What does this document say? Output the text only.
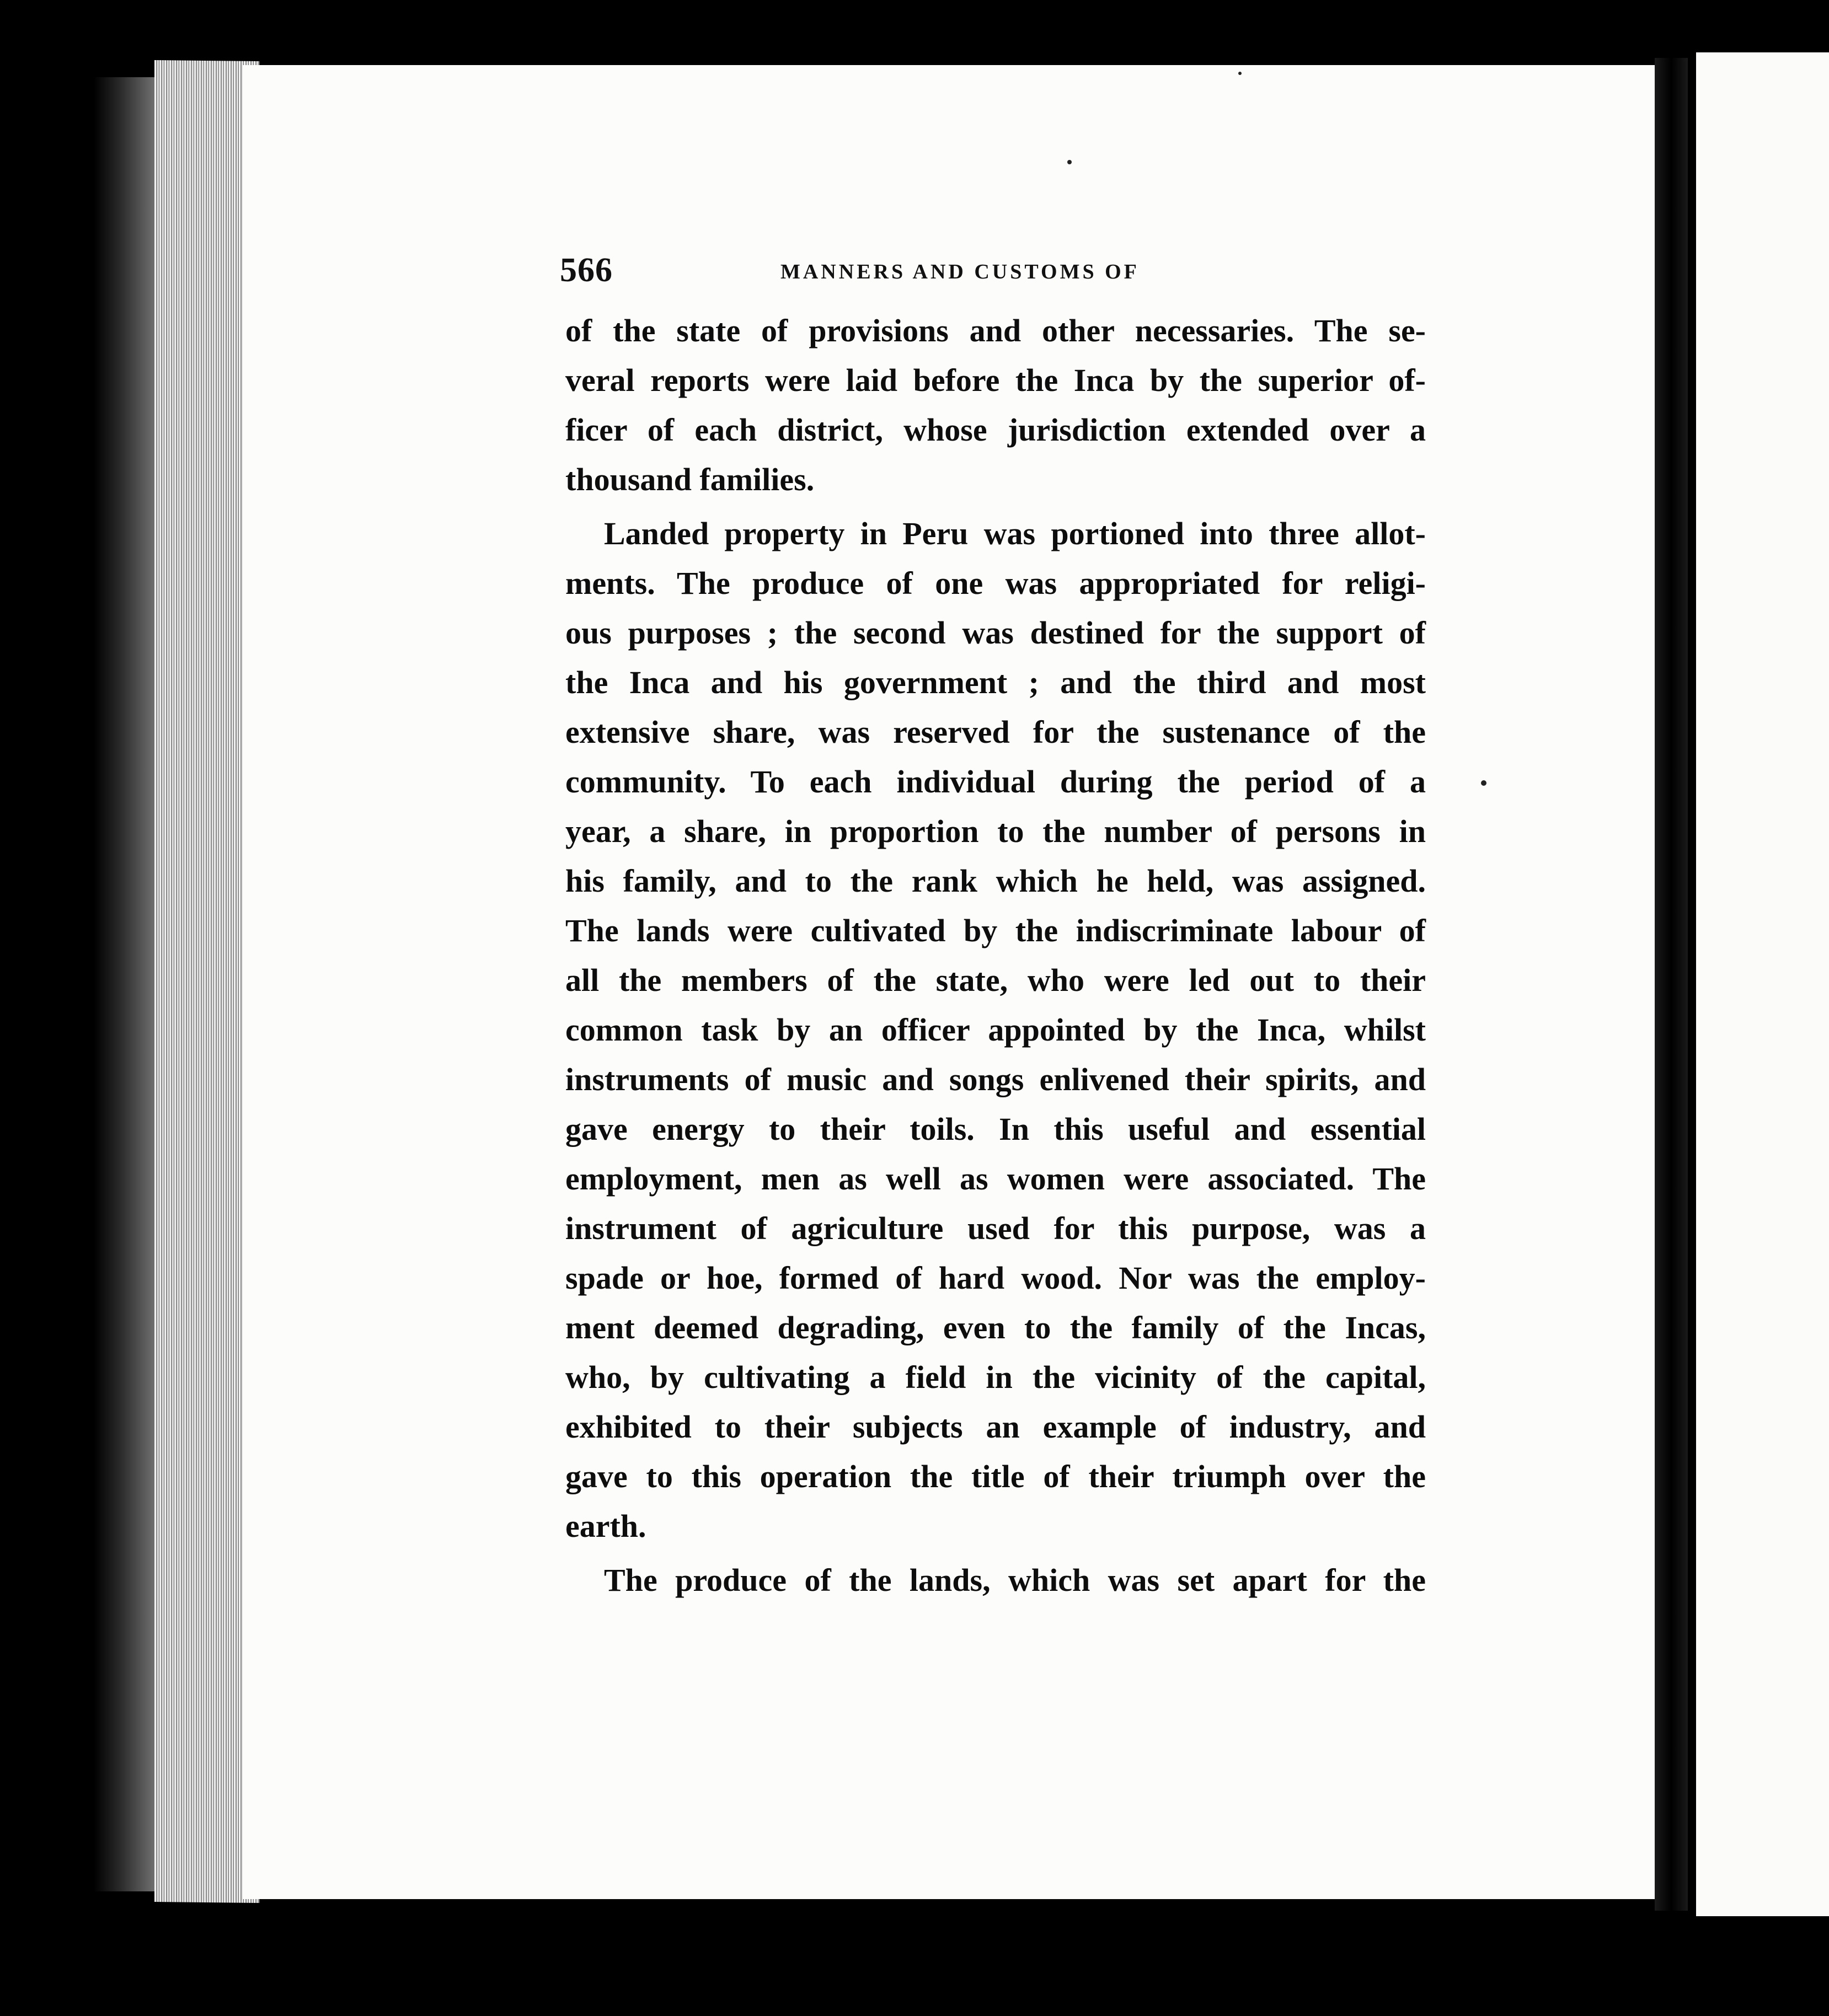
566	MANNERS AND CUSTOMS OF
of the state of provisions and other necessaries. The se-
veral reports were laid before the Inca by the superior of-
ficer of each district, whose jurisdiction extended over a
thousand families.
Landed property in Peru was portioned into three allot-
ments. The produce of one was appropriated for religi-
ous purposes ; the second was destined for the support of
the Inca and his government ; and the third and most
extensive share, was reserved for the sustenance of the
community. To each individual during the period of a
year, a share, in proportion to the number of persons in
his family, and to the rank which he held, was assigned.
The lands were cultivated by the indiscriminate labour of
all the members of the state, who were led out to their
common task by an officer appointed by the Inca, whilst
instruments of music and songs enlivened their spirits, and
gave energy to their toils. In this useful and essential
employment, men as well as women were associated. The
instrument of agriculture used for this purpose, was a
spade or hoe, formed of hard wood. Nor was the employ-
ment deemed degrading, even to the family of the Incas,
who, by cultivating a field in the vicinity of the capital,
exhibited to their subjects an example of industry, and
gave to this operation the title of their triumph over the
earth.
The produce of the lands, which was set apart for the
